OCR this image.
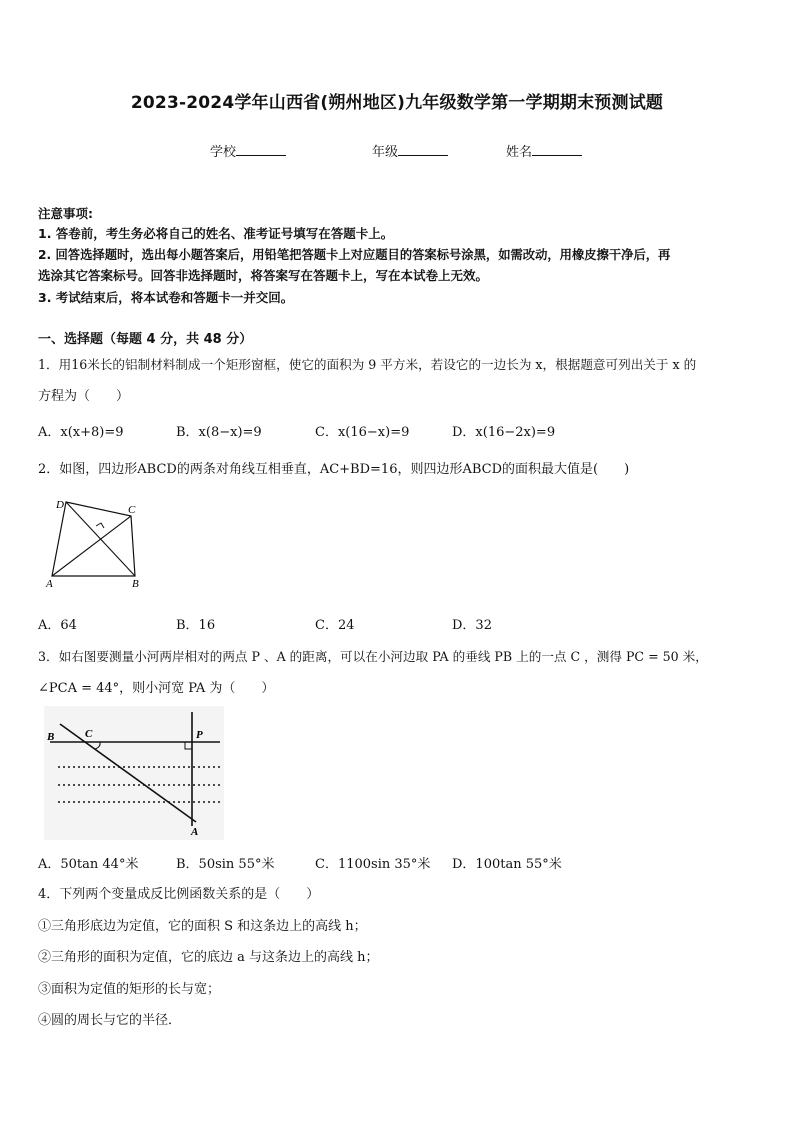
2023-2024学年山西省(朔州地区)九年级数学第一学期期末预测试题
学校	年级	姓名
注意事项:
1. 答卷前，考生务必将自己的姓名、准考证号填写在答题卡上。
2. 回答选择题时，选出每小题答案后，用铅笔把答题卡上对应题目的答案标号涂黑，如需改动，用橡皮擦干净后，再
选涂其它答案标号。回答非选择题时，将答案写在答题卡上，写在本试卷上无效。
3. 考试结束后，将本试卷和答题卡一并交回。
一、选择题（每题 4 分，共 48 分）
1．用16米长的铝制材料制成一个矩形窗框，使它的面积为 9 平方米，若设它的一边长为 x，根据题意可列出关于 x 的
方程为（　　）
A．x(x+8)=9	B．x(8−x)=9	C．x(16−x)=9	D．x(16−2x)=9
2．如图，四边形ABCD的两条对角线互相垂直，AC+BD=16，则四边形ABCD的面积最大值是(　　)
D	C
A	B
A．64	B．16	C．24	D．32
3．如右图要测量小河两岸相对的两点 P 、A 的距离，可以在小河边取 PA 的垂线 PB 上的一点 C ，测得 PC = 50 米，
∠PCA = 44°，则小河宽 PA 为（　　）
B	C	P
A
A．50tan 44°米	B．50sin 55°米	C．1100sin 35°米 D．100tan 55°米
4．下列两个变量成反比例函数关系的是（　　）
①三角形底边为定值，它的面积 S 和这条边上的高线 h；
②三角形的面积为定值，它的底边 a 与这条边上的高线 h；
③面积为定值的矩形的长与宽；
④圆的周长与它的半径．
